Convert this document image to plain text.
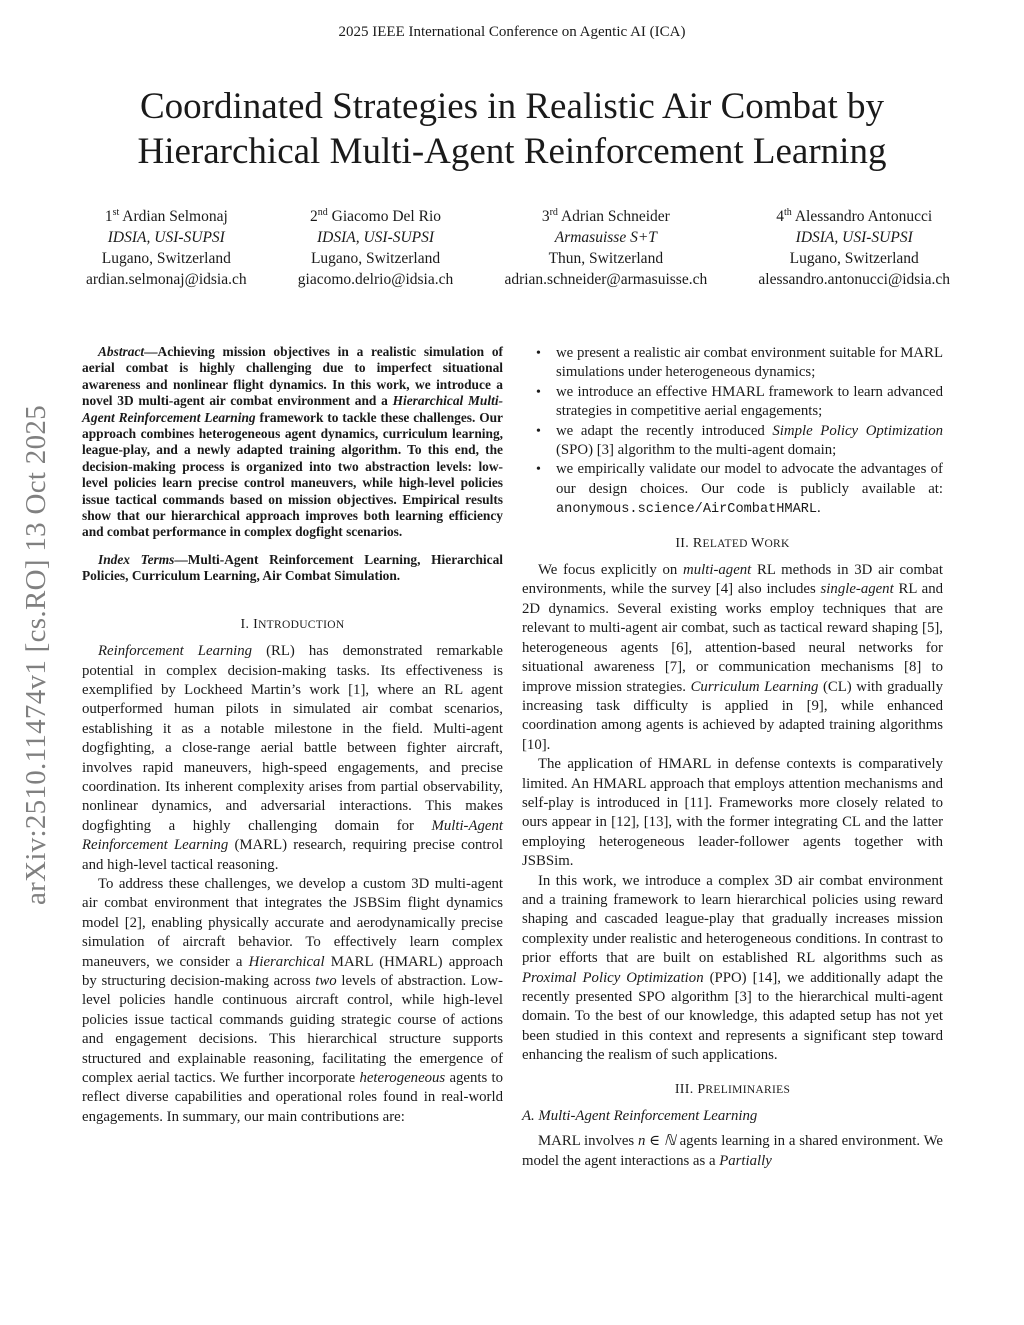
2025 IEEE International Conference on Agentic AI (ICA)
Coordinated Strategies in Realistic Air Combat by
Hierarchical Multi-Agent Reinforcement Learning
1st Ardian Selmonaj
IDSIA, USI-SUPSI
Lugano, Switzerland
ardian.selmonaj@idsia.ch
2nd Giacomo Del Rio
IDSIA, USI-SUPSI
Lugano, Switzerland
giacomo.delrio@idsia.ch
3rd Adrian Schneider
Armasuisse S+T
Thun, Switzerland
adrian.schneider@armasuisse.ch
4th Alessandro Antonucci
IDSIA, USI-SUPSI
Lugano, Switzerland
alessandro.antonucci@idsia.ch
arXiv:2510.11474v1 [cs.RO] 13 Oct 2025

Abstract—Achieving mission objectives in a realistic simulation of aerial combat is highly challenging due to imperfect situational awareness and nonlinear flight dynamics. In this work, we introduce a novel 3D multi-agent air combat environment and a Hierarchical Multi-Agent Reinforcement Learning framework to tackle these challenges. Our approach combines heterogeneous agent dynamics, curriculum learning, league-play, and a newly adapted training algorithm. To this end, the decision-making process is organized into two abstraction levels: low-level policies learn precise control maneuvers, while high-level policies issue tactical commands based on mission objectives. Empirical results show that our hierarchical approach improves both learning efficiency and combat performance in complex dogfight scenarios.

Index Terms—Multi-Agent Reinforcement Learning, Hierarchical Policies, Curriculum Learning, Air Combat Simulation.

I. INTRODUCTION

Reinforcement Learning (RL) has demonstrated remarkable potential in complex decision-making tasks. Its effectiveness is exemplified by Lockheed Martin’s work [1], where an RL agent outperformed human pilots in simulated air combat scenarios, establishing it as a notable milestone in the field. Multi-agent dogfighting, a close-range aerial battle between fighter aircraft, involves rapid maneuvers, high-speed engagements, and precise coordination. Its inherent complexity arises from partial observability, nonlinear dynamics, and adversarial interactions. This makes dogfighting a highly challenging domain for Multi-Agent Reinforcement Learning (MARL) research, requiring precise control and high-level tactical reasoning.

To address these challenges, we develop a custom 3D multi-agent air combat environment that integrates the JSBSim flight dynamics model [2], enabling physically accurate and aerodynamically precise simulation of aircraft behavior. To effectively learn complex maneuvers, we consider a Hierarchical MARL (HMARL) approach by structuring decision-making across two levels of abstraction. Low-level policies handle continuous aircraft control, while high-level policies issue tactical commands guiding strategic course of actions and engagement decisions. This hierarchical structure supports structured and explainable reasoning, facilitating the emergence of complex aerial tactics. We further incorporate heterogeneous agents to reflect diverse capabilities and operational roles found in real-world engagements. In summary, our main contributions are:

• we present a realistic air combat environment suitable for MARL simulations under heterogeneous dynamics;
• we introduce an effective HMARL framework to learn advanced strategies in competitive aerial engagements;
• we adapt the recently introduced Simple Policy Optimization (SPO) [3] algorithm to the multi-agent domain;
• we empirically validate our model to advocate the advantages of our design choices. Our code is publicly available at: anonymous.science/AirCombatHMARL.
II. RELATED WORK

We focus explicitly on multi-agent RL methods in 3D air combat environments, while the survey [4] also includes single-agent RL and 2D dynamics. Several existing works employ techniques that are relevant to multi-agent air combat, such as tactical reward shaping [5], heterogeneous agents [6], attention-based neural networks for situational awareness [7], or communication mechanisms [8] to improve mission strategies. Curriculum Learning (CL) with gradually increasing task difficulty is applied in [9], while enhanced coordination among agents is achieved by adapted training algorithms [10].

The application of HMARL in defense contexts is comparatively limited. An HMARL approach that employs attention mechanisms and self-play is introduced in [11]. Frameworks more closely related to ours appear in [12], [13], with the former integrating CL and the latter employing heterogeneous leader-follower agents together with JSBSim.

In this work, we introduce a complex 3D air combat environment and a training framework to learn hierarchical policies using reward shaping and cascaded league-play that gradually increases mission complexity under realistic and heterogeneous conditions. In contrast to prior efforts that are built on established RL algorithms such as Proximal Policy Optimization (PPO) [14], we additionally adapt the recently presented SPO algorithm [3] to the hierarchical multi-agent domain. To the best of our knowledge, this adapted setup has not yet been studied in this context and represents a significant step toward enhancing the realism of such applications.

III. PRELIMINARIES
A. Multi-Agent Reinforcement Learning

MARL involves n ∈ ℕ agents learning in a shared environment. We model the agent interactions as a Partially
